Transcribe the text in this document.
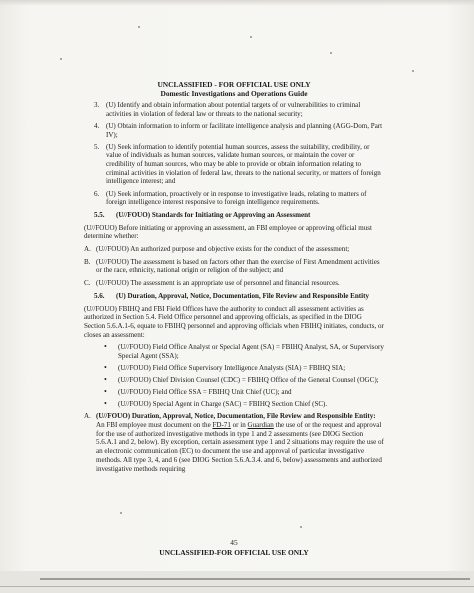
UNCLASSIFIED - FOR OFFICIAL USE ONLY
Domestic Investigations and Operations Guide
3. (U) Identify and obtain information about potential targets of or vulnerabilities to criminal activities in violation of federal law or threats to the national security;
4. (U) Obtain information to inform or facilitate intelligence analysis and planning (AGG-Dom, Part IV);
5. (U) Seek information to identify potential human sources, assess the suitability, credibility, or value of individuals as human sources, validate human sources, or maintain the cover or credibility of human sources, who may be able to provide or obtain information relating to criminal activities in violation of federal law, threats to the national security, or matters of foreign intelligence interest; and
6. (U) Seek information, proactively or in response to investigative leads, relating to matters of foreign intelligence interest responsive to foreign intelligence requirements.
5.5.	(U//FOUO) Standards for Initiating or Approving an Assessment
(U//FOUO) Before initiating or approving an assessment, an FBI employee or approving official must determine whether:
A. (U//FOUO) An authorized purpose and objective exists for the conduct of the assessment;
B. (U//FOUO) The assessment is based on factors other than the exercise of First Amendment activities or the race, ethnicity, national origin or religion of the subject; and
C. (U//FOUO) The assessment is an appropriate use of personnel and financial resources.
5.6.	(U) Duration, Approval, Notice, Documentation, File Review and Responsible Entity
(U//FOUO) FBIHQ and FBI Field Offices have the authority to conduct all assessment activities as authorized in Section 5.4. Field Office personnel and approving officials, as specified in the DIOG Section 5.6.A.1-6, equate to FBIHQ personnel and approving officials when FBIHQ initiates, conducts, or closes an assessment:
•	(U//FOUO) Field Office Analyst or Special Agent (SA) = FBIHQ Analyst, SA, or Supervisory Special Agent (SSA);
•	(U//FOUO) Field Office Supervisory Intelligence Analysts (SIA) = FBIHQ SIA;
•	(U//FOUO) Chief Division Counsel (CDC) = FBIHQ Office of the General Counsel (OGC);
•	(U//FOUO) Field Office SSA = FBIHQ Unit Chief (UC); and
•	(U//FOUO) Special Agent in Charge (SAC) = FBIHQ Section Chief (SC).
A. (U//FOUO) Duration, Approval, Notice, Documentation, File Review and Responsible Entity: An FBI employee must document on the FD-71 or in Guardian the use of or the request and approval for the use of authorized investigative methods in type 1 and 2 assessments (see DIOG Section 5.6.A.1 and 2, below). By exception, certain assessment type 1 and 2 situations may require the use of an electronic communication (EC) to document the use and approval of particular investigative methods. All type 3, 4, and 6 (see DIOG Section 5.6.A.3.4. and 6, below) assessments and authorized investigative methods requiring
45
UNCLASSIFIED-FOR OFFICIAL USE ONLY
